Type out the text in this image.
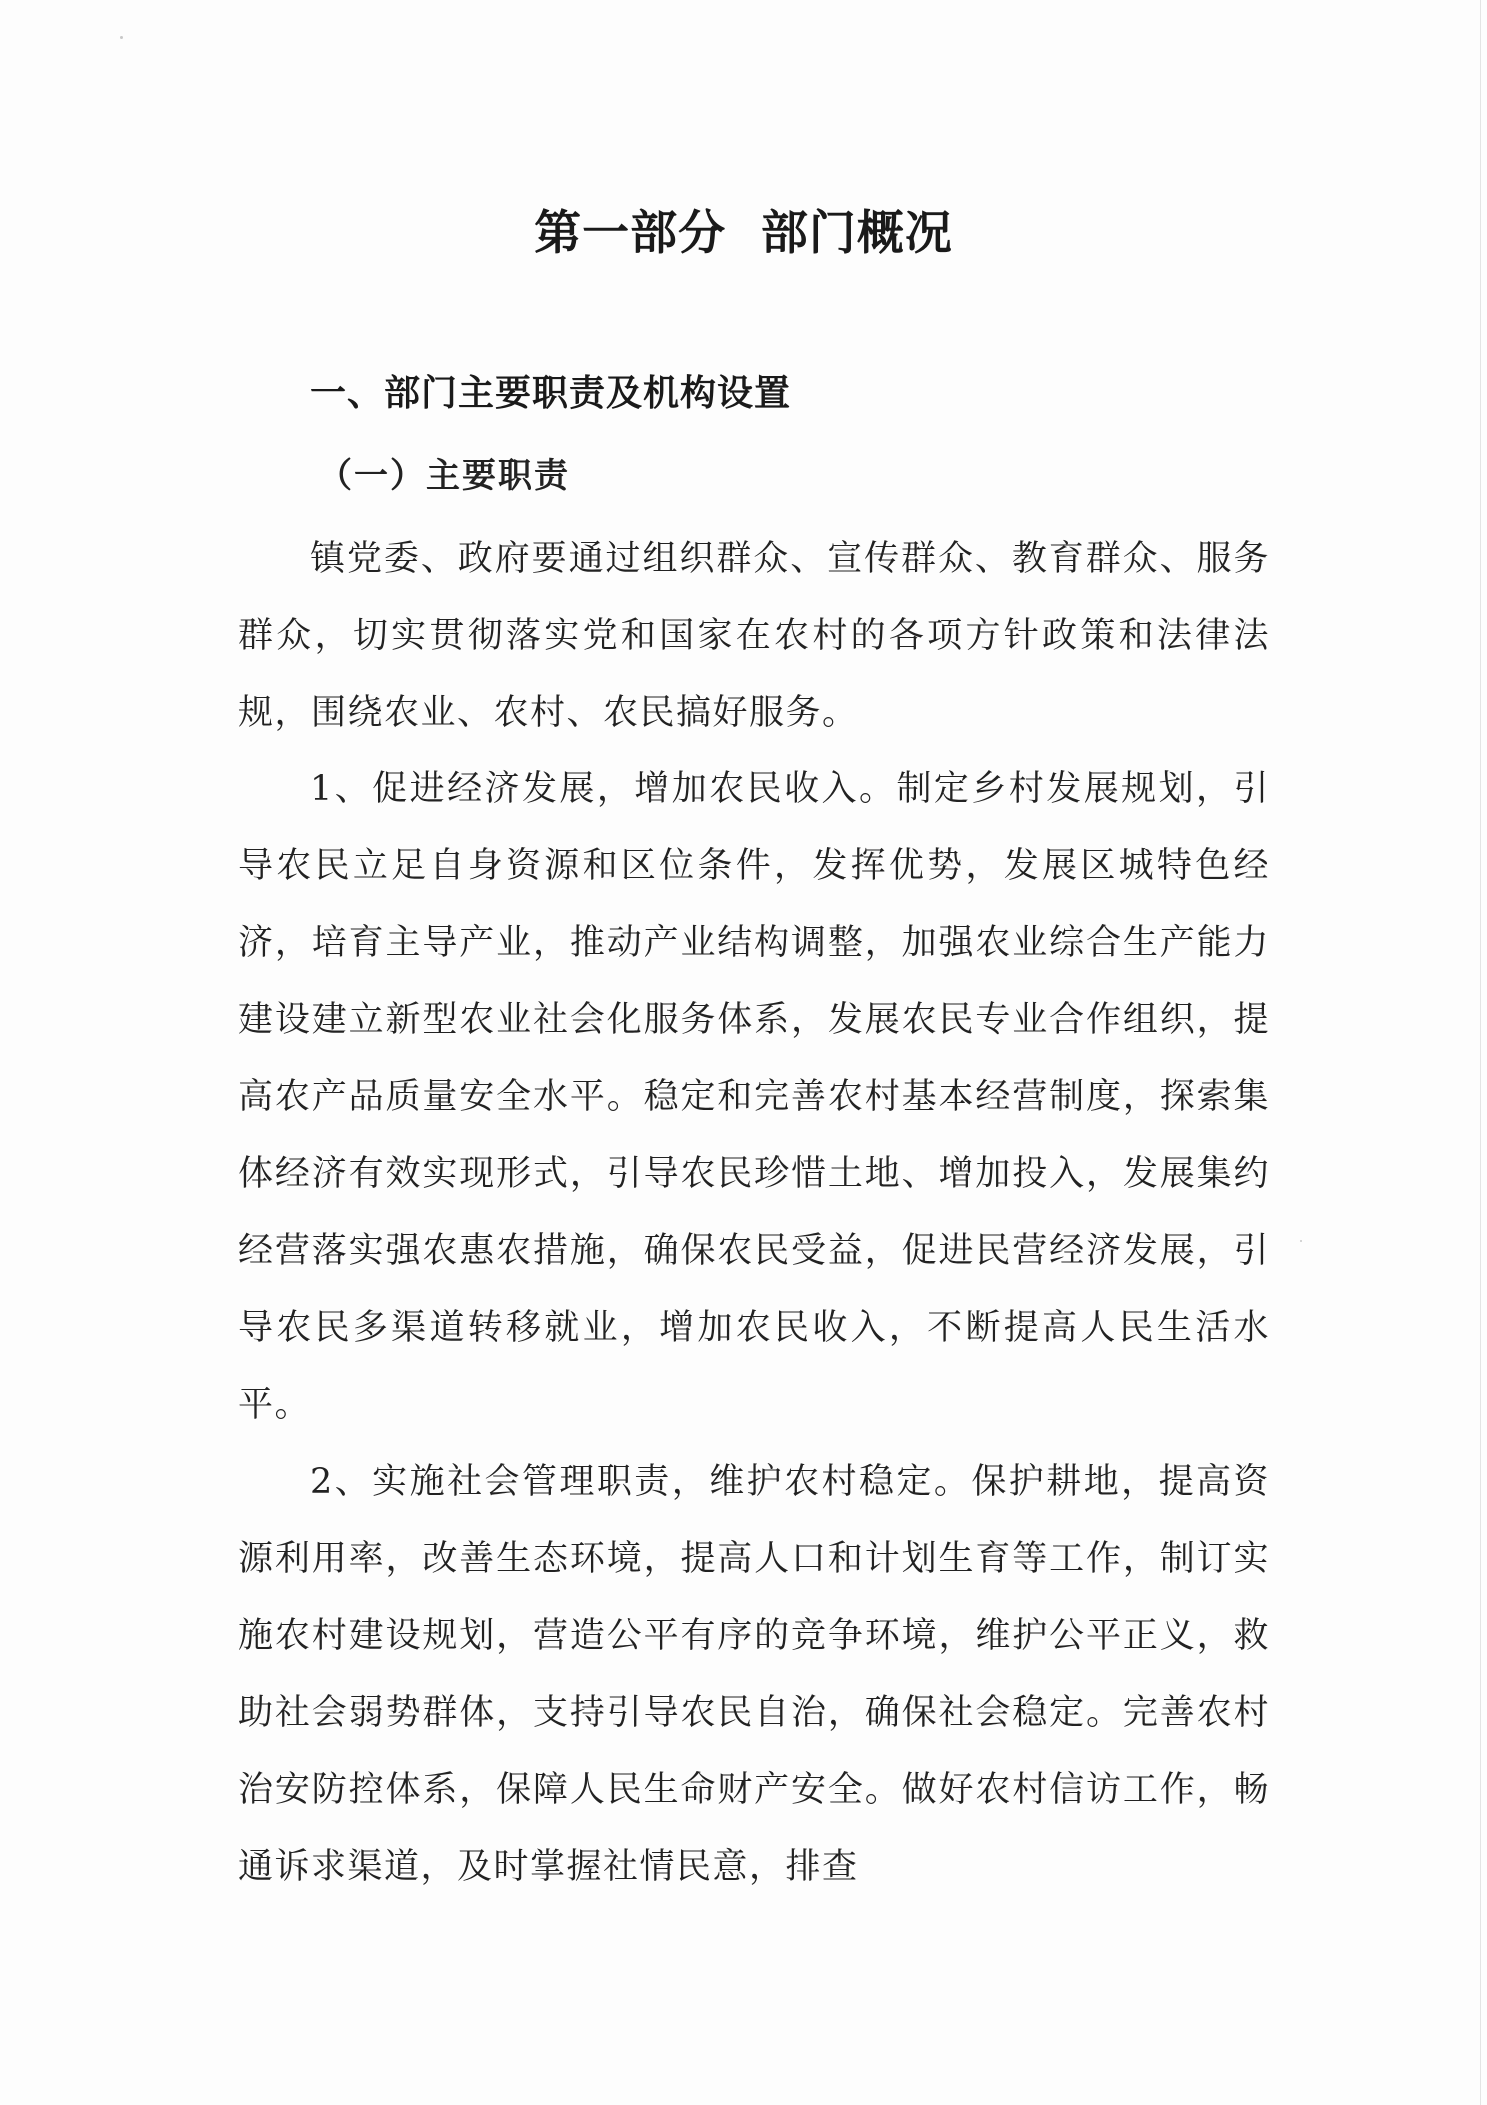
第一部分  部门概况
一、部门主要职责及机构设置
（一）主要职责

镇党委、政府要通过组织群众、宣传群众、教育群众、服务群众，切实贯彻落实党和国家在农村的各项方针政策和法律法规，围绕农业、农村、农民搞好服务。

1、促进经济发展，增加农民收入。制定乡村发展规划，引导农民立足自身资源和区位条件，发挥优势，发展区城特色经济，培育主导产业，推动产业结构调整，加强农业综合生产能力建设建立新型农业社会化服务体系，发展农民专业合作组织，提高农产品质量安全水平。稳定和完善农村基本经营制度，探索集体经济有效实现形式，引导农民珍惜土地、增加投入，发展集约经营落实强农惠农措施，确保农民受益，促进民营经济发展，引导农民多渠道转移就业，增加农民收入，不断提高人民生活水平。

2、实施社会管理职责，维护农村稳定。保护耕地，提高资源利用率，改善生态环境，提高人口和计划生育等工作，制订实施农村建设规划，营造公平有序的竞争环境，维护公平正义，救助社会弱势群体，支持引导农民自治，确保社会稳定。完善农村治安防控体系，保障人民生命财产安全。做好农村信访工作，畅通诉求渠道，及时掌握社情民意，排查
